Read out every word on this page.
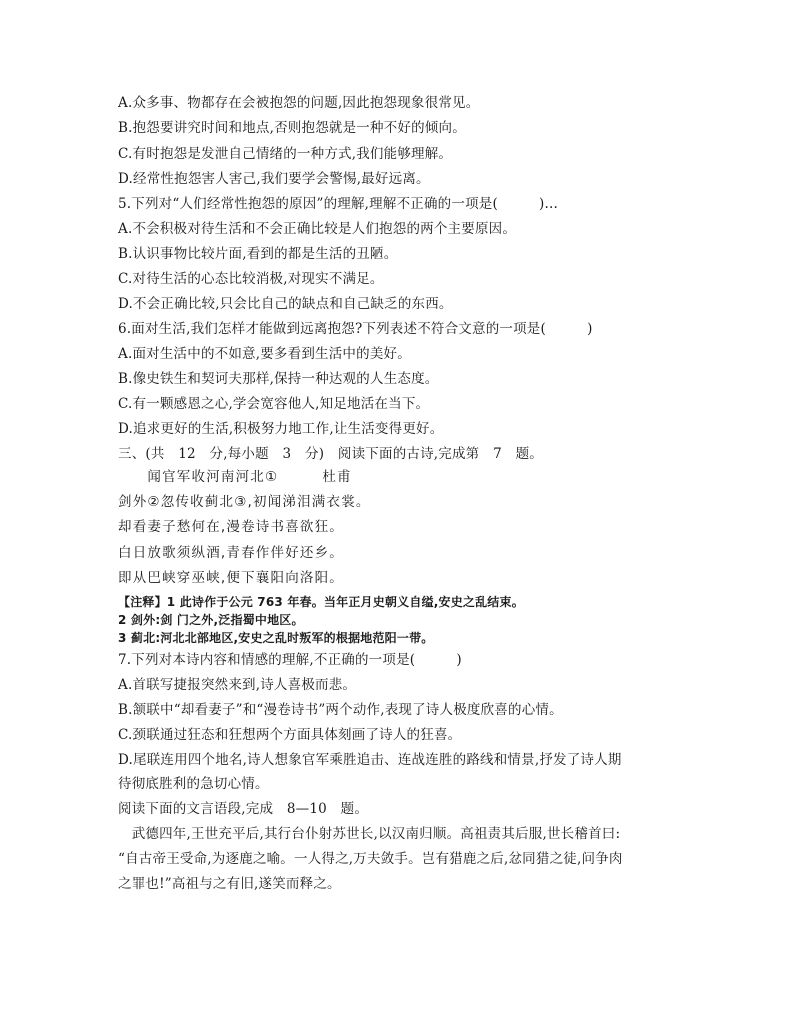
A.众多事、物都存在会被抱怨的问题,因此抱怨现象很常见。
B.抱怨要讲究时间和地点,否则抱怨就是一种不好的倾向。
C.有时抱怨是发泄自己情绪的一种方式,我们能够理解。
D.经常性抱怨害人害己,我们要学会警惕,最好远离。
5.下列对“人们经常性抱怨的原因”的理解,理解不正确的一项是(　　　)...
A.不会积极对待生活和不会正确比较是人们抱怨的两个主要原因。
B.认识事物比较片面,看到的都是生活的丑陋。
C.对待生活的心态比较消极,对现实不满足。
D.不会正确比较,只会比自己的缺点和自己缺乏的东西。
6.面对生活,我们怎样才能做到远离抱怨?下列表述不符合文意的一项是(　　　)
A.面对生活中的不如意,要多看到生活中的美好。
B.像史铁生和契诃夫那样,保持一种达观的人生态度。
C.有一颗感恩之心,学会宽容他人,知足地活在当下。
D.追求更好的生活,积极努力地工作,让生活变得更好。
三、(共　12　分,每小题　3　分)　阅读下面的古诗,完成第　7　题。
　　闻官军收河南河北①　　　杜甫
剑外②忽传收蓟北③,初闻涕泪满衣裳。
却看妻子愁何在,漫卷诗书喜欲狂。
白日放歌须纵酒,青春作伴好还乡。
即从巴峡穿巫峡,便下襄阳向洛阳。
【注释】1 此诗作于公元 763 年春。当年正月史朝义自缢,安史之乱结束。
2 剑外:剑 门之外,泛指蜀中地区。
3 蓟北:河北北部地区,安史之乱时叛军的根据地范阳一带。
7.下列对本诗内容和情感的理解,不正确的一项是(　　　)
A.首联写捷报突然来到,诗人喜极而悲。
B.颔联中“却看妻子”和“漫卷诗书”两个动作,表现了诗人极度欣喜的心情。
C.颈联通过狂态和狂想两个方面具体刻画了诗人的狂喜。
D.尾联连用四个地名,诗人想象官军乘胜追击、连战连胜的路线和情景,抒发了诗人期
待彻底胜利的急切心情。
阅读下面的文言语段,完成　8—10　题。
　武德四年,王世充平后,其行台仆射苏世长,以汉南归顺。高祖责其后服,世长稽首曰:
“自古帝王受命,为逐鹿之喻。一人得之,万夫敛手。岂有猎鹿之后,忿同猎之徒,问争肉
之罪也!”高祖与之有旧,遂笑而释之。
